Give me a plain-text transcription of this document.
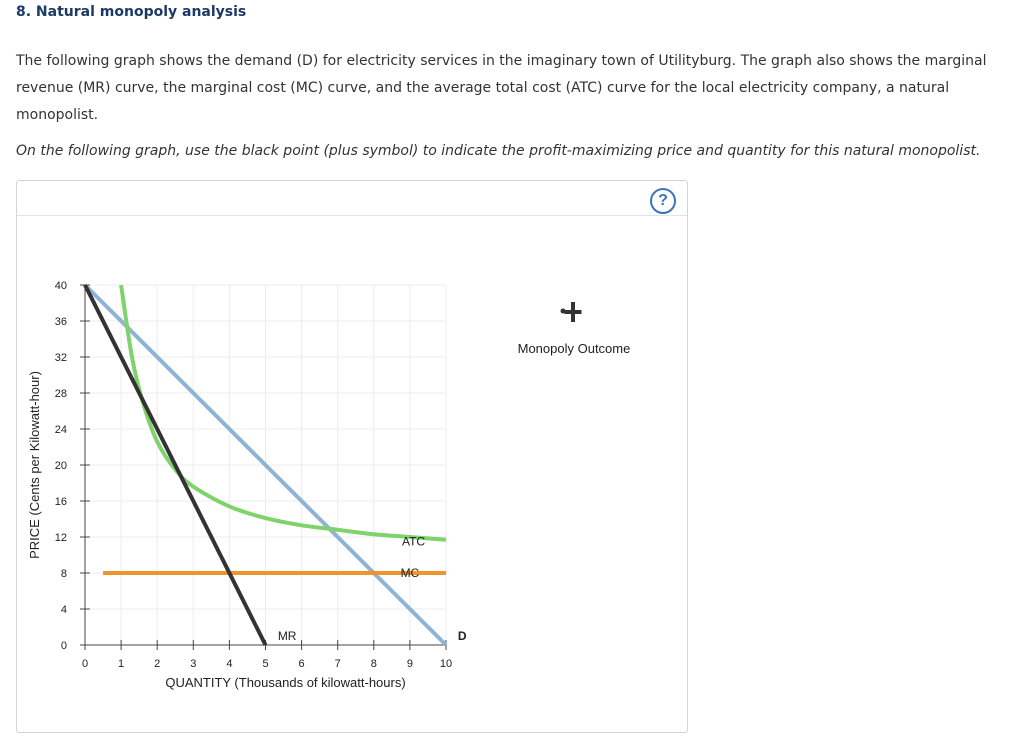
8. Natural monopoly analysis
The following graph shows the demand (D) for electricity services in the imaginary town of Utilityburg. The graph also shows the marginal revenue (MR) curve, the marginal cost (MC) curve, and the average total cost (ATC) curve for the local electricity company, a natural monopolist.
On the following graph, use the black point (plus symbol) to indicate the profit-maximizing price and quantity for this natural monopolist.
?
0	1	2	3	4	5	6	7	8	9 10
0
4
8
12
16
20
24
28
32
36
40
QUANTITY (Thousands of kilowatt-hours)
PRICE (Cents per Kilowatt-hour)	ATC
MC
MR	D
Monopoly Outcome
